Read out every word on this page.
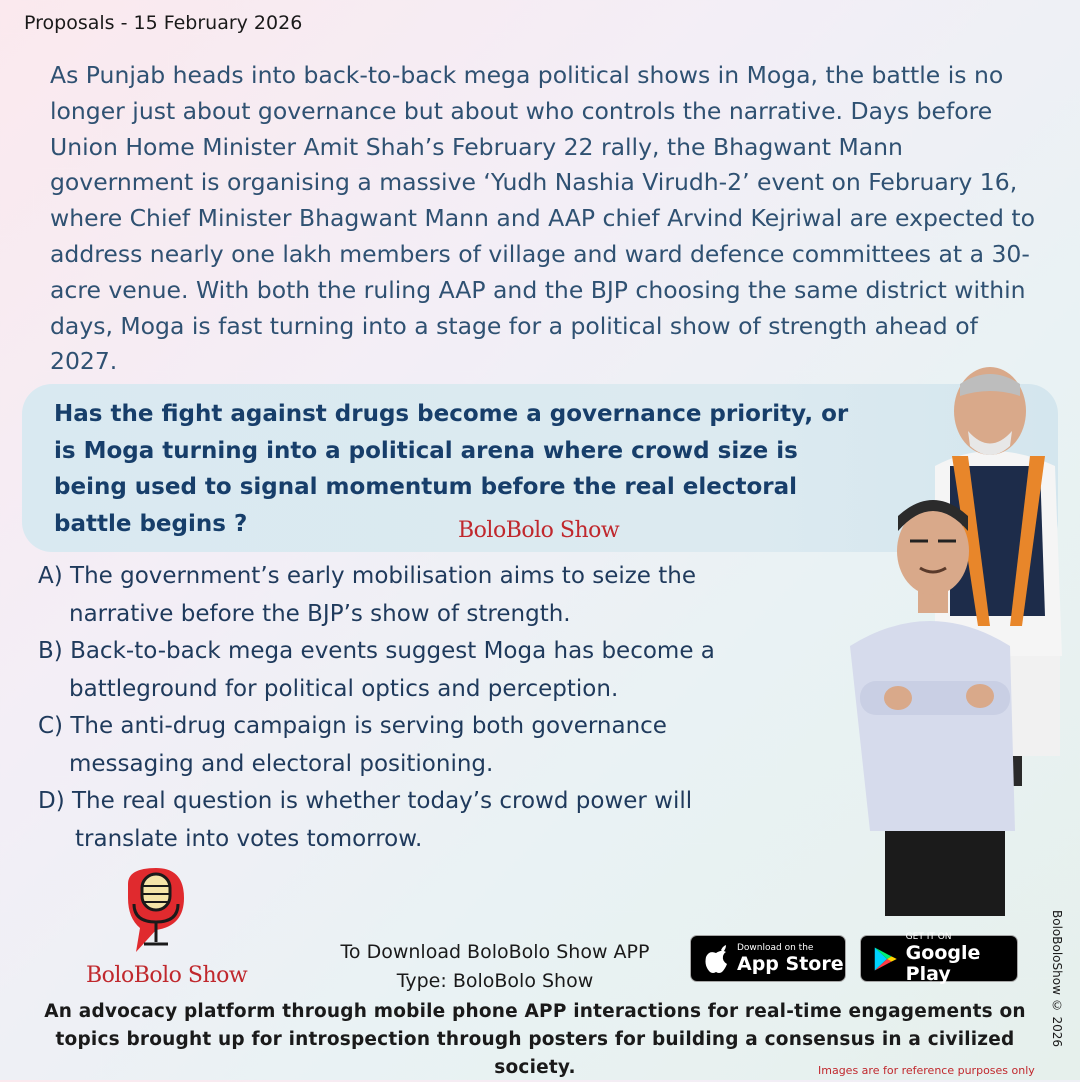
Proposals - 15 February 2026

As Punjab heads into back-to-back mega political shows in Moga, the battle is no longer just about governance but about who controls the narrative. Days before Union Home Minister Amit Shah’s February 22 rally, the Bhagwant Mann government is organising a massive ‘Yudh Nashia Virudh-2’ event on February 16, where Chief Minister Bhagwant Mann and AAP chief Arvind Kejriwal are expected to address nearly one lakh members of village and ward defence committees at a 30-acre venue. With both the ruling AAP and the BJP choosing the same district within days, Moga is fast turning into a stage for a political show of strength ahead of 2027.

Has the fight against drugs become a governance priority, or is Moga turning into a political arena where crowd size is being used to signal momentum before the real electoral battle begins ?	BoloBolo Show
A) The government’s early mobilisation aims to seize the
narrative before the BJP’s show of strength.
B) Back-to-back mega events suggest Moga has become a
battleground for political optics and perception.
C) The anti-drug campaign is serving both governance
messaging and electoral positioning.
D) The real question is whether today’s crowd power will
translate into votes tomorrow.
BoloBolo Show
To Download BoloBolo Show APP
Type: BoloBolo Show
Download on the
App Store
GET IT ON
Google Play
An advocacy platform through mobile phone APP interactions for real-time engagements on topics brought up for introspection through posters for building a consensus in a civilized society.
BoloBoloShow © 2026
Images are for reference purposes only
